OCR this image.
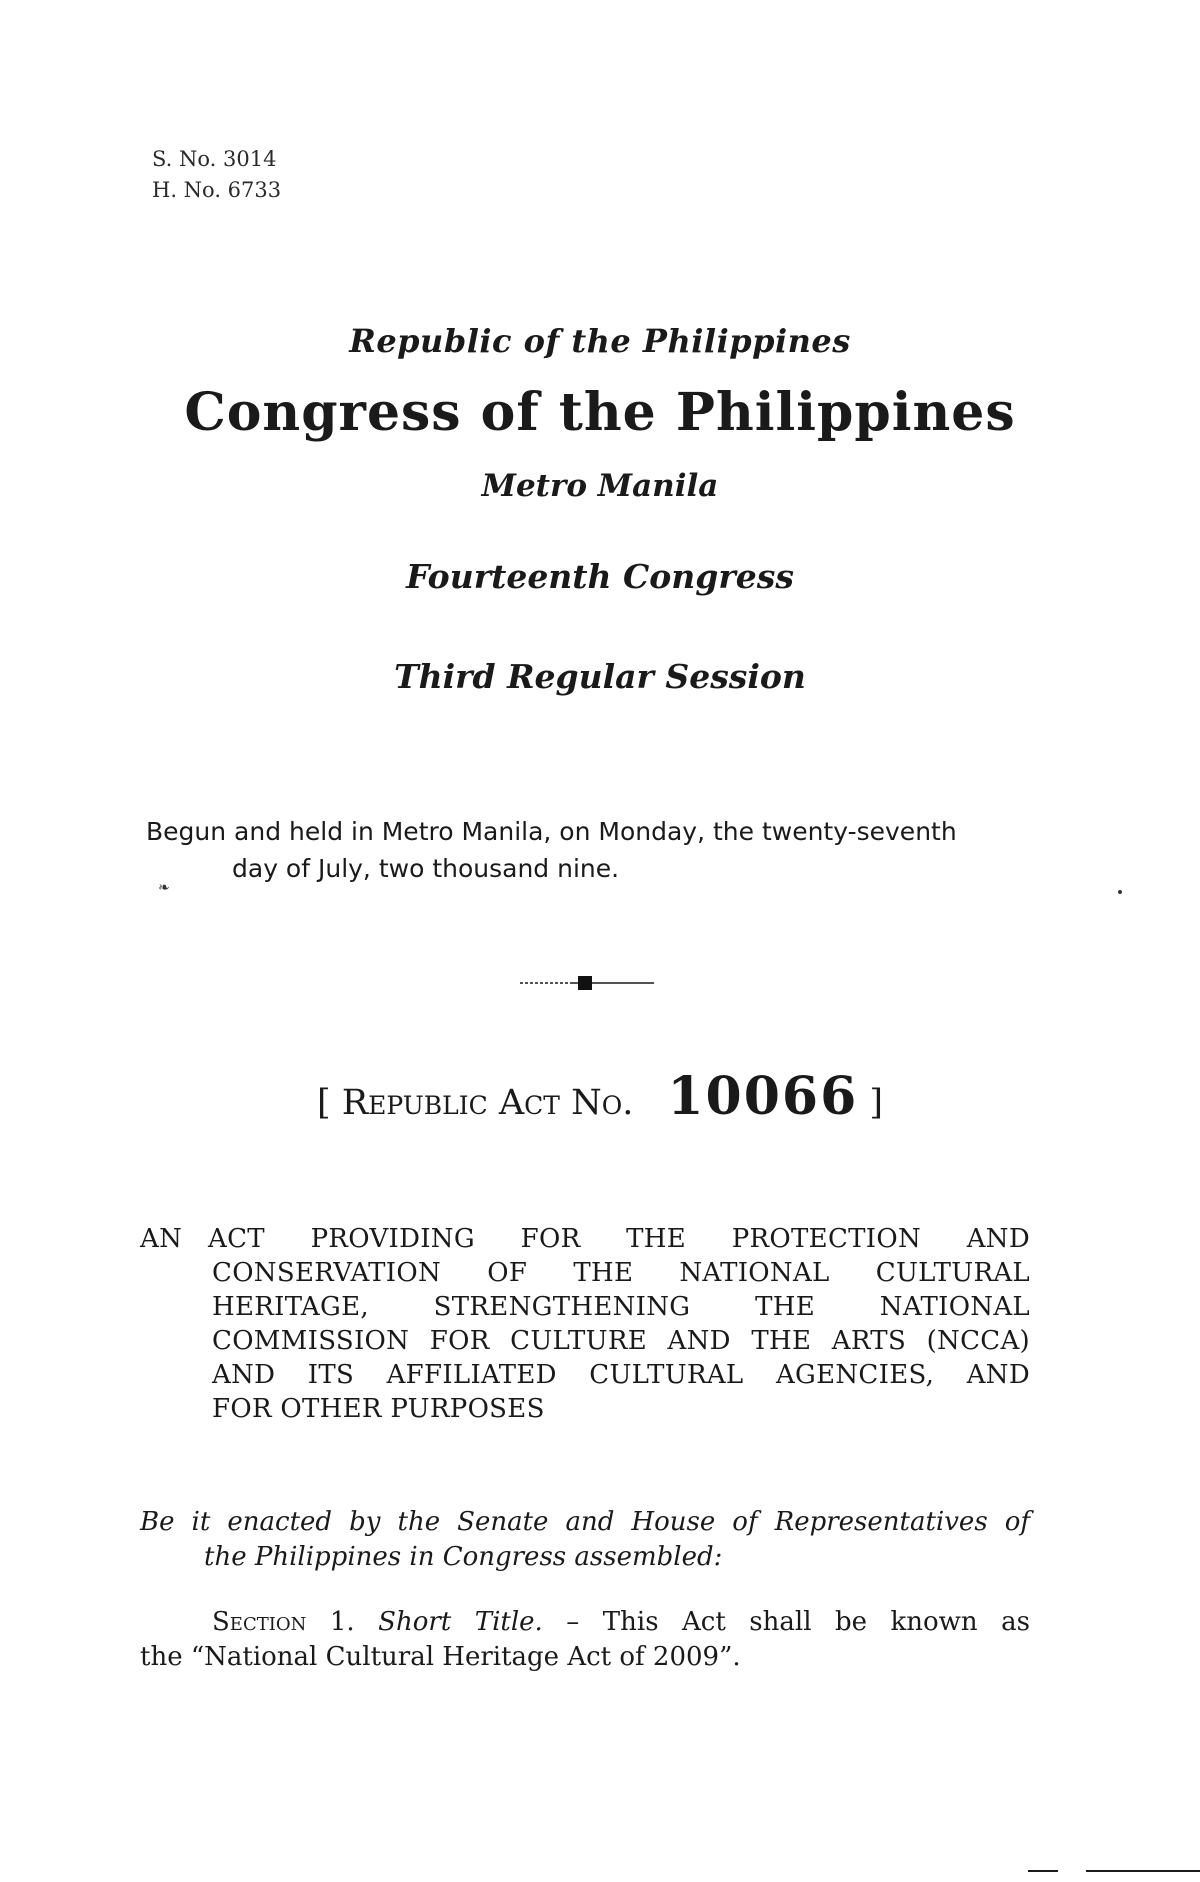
S. No. 3014
H. No. 6733
Republic of the Philippines
Congress of the Philippines
Metro Manila
Fourteenth Congress
Third Regular Session
Begun and held in Metro Manila, on Monday, the twenty-seventh
day of July, two thousand nine.
❧
[ Republic Act No. 10066 ]
AN ACT PROVIDING FOR THE PROTECTION AND
CONSERVATION OF THE NATIONAL CULTURAL
HERITAGE, STRENGTHENING THE NATIONAL
COMMISSION FOR CULTURE AND THE ARTS (NCCA)
AND ITS AFFILIATED CULTURAL AGENCIES, AND
FOR OTHER PURPOSES
Be it enacted by the Senate and House of Representatives of
the Philippines in Congress assembled:
Section 1. Short Title. – This Act shall be known as
the “National Cultural Heritage Act of 2009”.
